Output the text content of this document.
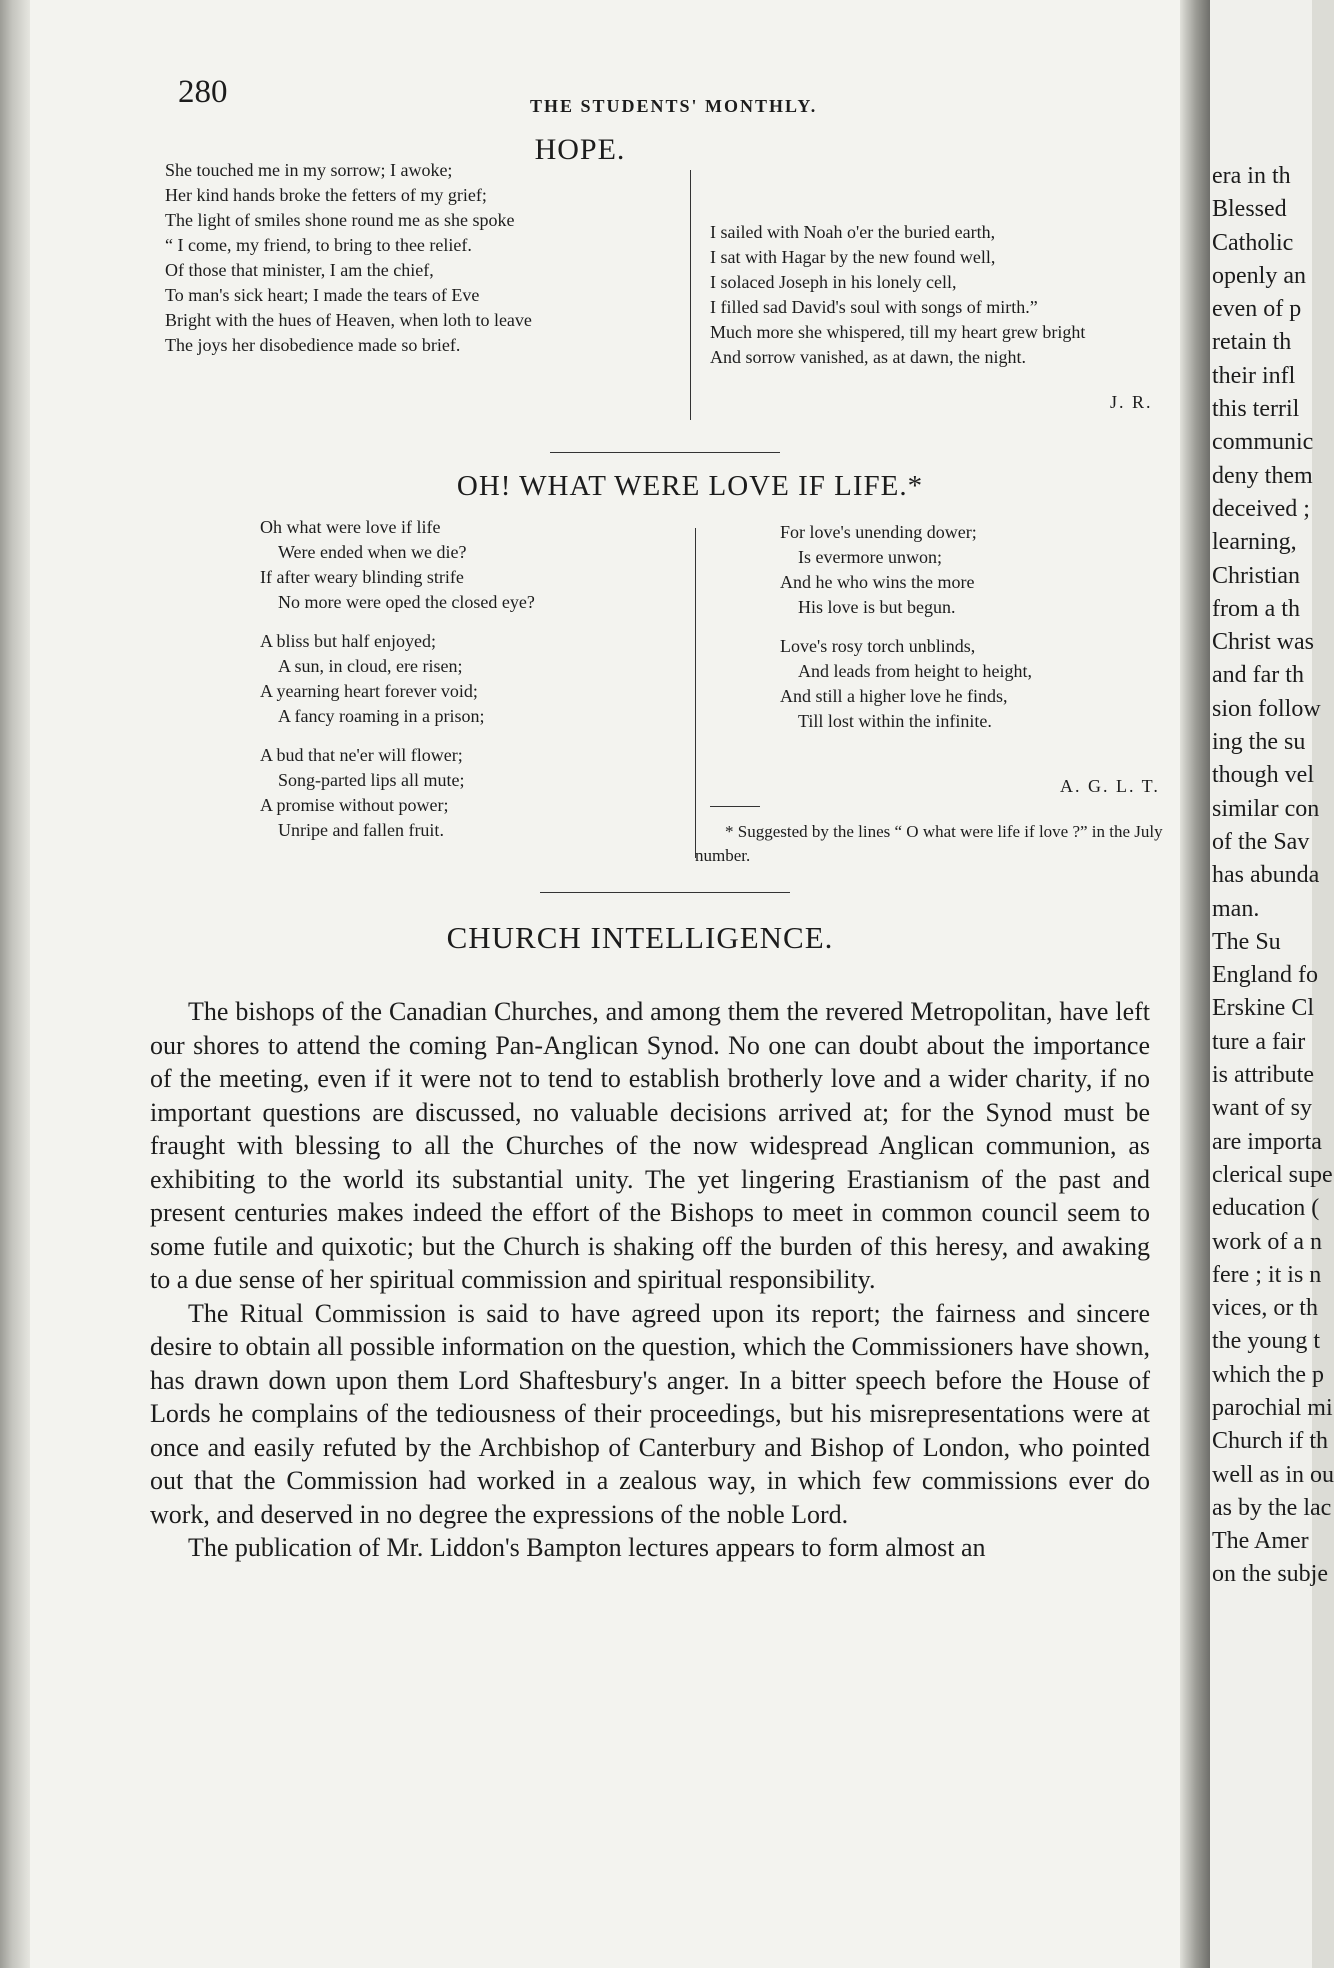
280	THE STUDENTS' MONTHLY.

HOPE.
She touched me in my sorrow; I awoke;
Her kind hands broke the fetters of my grief;
The light of smiles shone round me as she spoke
“ I come, my friend, to bring to thee relief.
Of those that minister, I am the chief,
To man's sick heart; I made the tears of Eve
Bright with the hues of Heaven, when loth to leave
The joys her disobedience made so brief.
I sailed with Noah o'er the buried earth,
I sat with Hagar by the new found well,
I solaced Joseph in his lonely cell,
I filled sad David's soul with songs of mirth.”
Much more she whispered, till my heart grew bright
And sorrow vanished, as at dawn, the night.

J. R.

OH! WHAT WERE LOVE IF LIFE.*
Oh what were love if life
Were ended when we die?
If after weary blinding strife
No more were oped the closed eye?
A bliss but half enjoyed;
A sun, in cloud, ere risen;
A yearning heart forever void;
A fancy roaming in a prison;
A bud that ne'er will flower;
Song-parted lips all mute;
A promise without power;
Unripe and fallen fruit.
For love's unending dower;
Is evermore unwon;
And he who wins the more
His love is but begun.
Love's rosy torch unblinds,
And leads from height to height,
And still a higher love he finds,
Till lost within the infinite.

A. G. L. T.

* Suggested by the lines “ O what were life if love ?” in the July number.
CHURCH INTELLIGENCE.

The bishops of the Canadian Churches, and among them the revered Metropolitan, have left our shores to attend the coming Pan-Anglican Synod. No one can doubt about the importance of the meeting, even if it were not to tend to establish brotherly love and a wider charity, if no important questions are discussed, no valuable decisions arrived at; for the Synod must be fraught with blessing to all the Churches of the now widespread Anglican communion, as exhibiting to the world its substantial unity. The yet lingering Erastianism of the past and present centuries makes indeed the effort of the Bishops to meet in common council seem to some futile and quixotic; but the Church is shaking off the burden of this heresy, and awaking to a due sense of her spiritual commission and spiritual responsibility.

The Ritual Commission is said to have agreed upon its report; the fairness and sincere desire to obtain all possible information on the question, which the Commissioners have shown, has drawn down upon them Lord Shaftesbury's anger. In a bitter speech before the House of Lords he complains of the tediousness of their proceedings, but his misrepresentations were at once and easily refuted by the Archbishop of Canterbury and Bishop of London, who pointed out that the Commission had worked in a zealous way, in which few commissions ever do work, and deserved in no degree the expressions of the noble Lord.

The publication of Mr. Liddon's Bampton lectures appears to form almost an

era in th
Blessed
Catholic
openly an
even of p
retain th
their infl
this terril
communic
deny them
deceived ;
learning,
Christian
from a th
Christ was
and far th
sion follow
ing the su
though vel
similar con
of the Sav
has abunda
man.
The Su
England fo
Erskine Cl
ture a fair
is attribute
want of sy
are importa
clerical supe
education (
work of a n
fere ; it is n
vices, or th
the young t
which the p
parochial mi
Church if th
well as in ou
as by the lac
The Amer
on the subje
